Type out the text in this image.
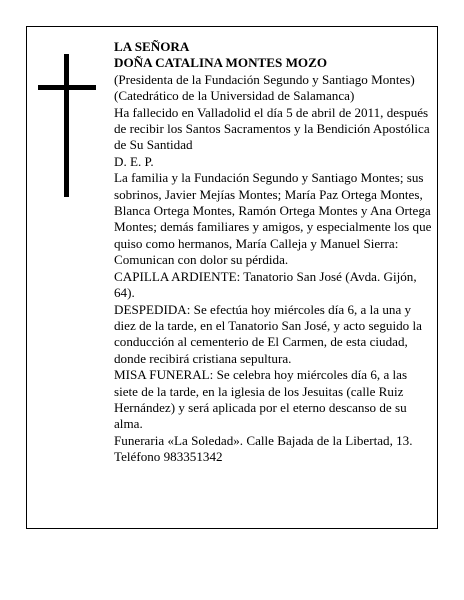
LA SEÑORA

DOÑA CATALINA MONTES MOZO

(Presidenta de la Fundación Segundo y Santiago Montes)

(Catedrático de la Universidad de Salamanca)

Ha fallecido en Valladolid el día 5 de abril de 2011, después de recibir los Santos Sacramentos y la Bendición Apostólica de Su Santidad

D. E. P.

La familia y la Fundación Segundo y Santiago Montes; sus sobrinos, Javier Mejías Montes; María Paz Ortega Montes, Blanca Ortega Montes, Ramón Ortega Montes y Ana Ortega Montes; demás familiares y amigos, y especialmente los que quiso como hermanos, María Calleja y Manuel Sierra:

Comunican con dolor su pérdida.

CAPILLA ARDIENTE: Tanatorio San José (Avda. Gijón, 64).

DESPEDIDA: Se efectúa hoy miércoles día 6, a la una y diez de la tarde, en el Tanatorio San José, y acto seguido la conducción al cementerio de El Carmen, de esta ciudad, donde recibirá cristiana sepultura.

MISA FUNERAL: Se celebra hoy miércoles día 6, a las siete de la tarde, en la iglesia de los Jesuitas (calle Ruiz Hernández) y será aplicada por el eterno descanso de su alma.

Funeraria «La Soledad». Calle Bajada de la Libertad, 13. Teléfono 983351342
